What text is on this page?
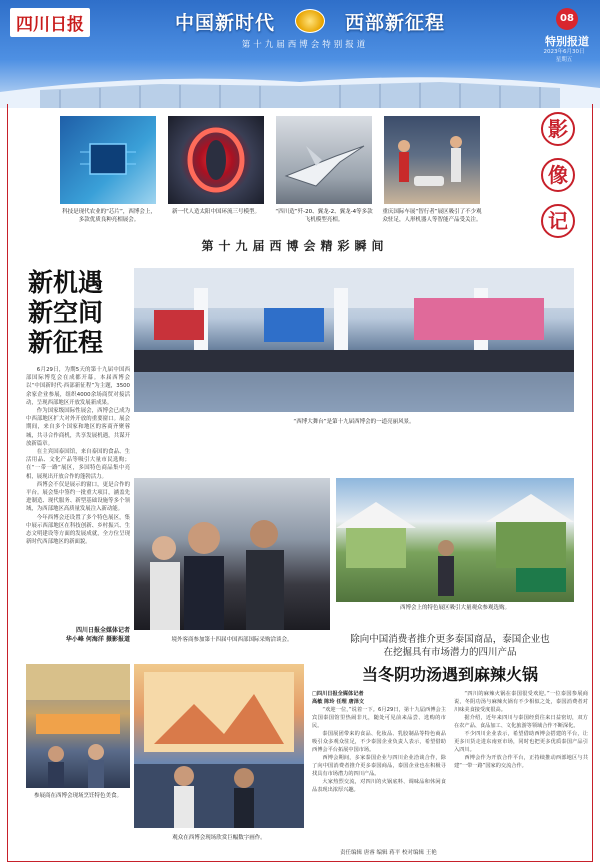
四川日报	中国新时代	西部新征程
第十九届西博会特别报道
08
特别报道
2023年6月30日
星期五
科技是现代农业的“芯片”，西博会上，多款优质良种亮相展会。
新一代人造太阳中国环流三号模型。	“四川造”歼-20、翼龙-2、翼龙-4等多款飞机模型亮相。
重庆国际车展“智行者”展区吸引了不少观众驻足，人形机器人等智能产品受关注。
影
像
记
第十九届西博会精彩瞬间
新机遇
新空间
新征程

6月29日，为期5天的第十九届中国西部国际博览会在成都开幕。本届西博会以“中国新时代·西部新征程”为主题，3500余家企业参展，组织4000余场商贸对接活动，呈现西部地区开放发展新成果。

作为国家级国际性展会，西博会已成为中西部地区扩大对外开放的重要窗口。展会期间，来自多个国家和地区的客商齐聚蓉城，共寻合作商机，共享发展机遇，共谋开放新篇章。

在主宾国泰国馆，来自泰国的食品、生活用品、文化产品等吸引大量市民选购；在“一带一路”展区，多国特色商品集中亮相，展现出开放合作的蓬勃活力。

西博会不仅是展示的窗口，更是合作的平台。展会集中签约一批重大项目，涵盖先进制造、现代服务、新型基础设施等多个领域，为西部地区高质量发展注入新动能。

今年西博会还设置了多个特色展区，集中展示西部地区在科技创新、乡村振兴、生态文明建设等方面的发展成就，全方位呈现新时代西部地区的新面貌。

四川日报全媒体记者
华小峰 何海洋 摄影报道
“西博大舞台”是第十九届西博会的一道亮丽风景。
境外客商参加第十四届中国西部国际采购洽谈会。
西博会上的特色展区吸引大量观众参观选购。
除向中国消费者推介更多泰国商品，泰国企业也
在挖掘具有市场潜力的四川产品
当冬阴功汤遇到麻辣火锅
参展商在西博会现场烹饪特色美食。
观众在西博会现场欣赏巨幅数字画作。

□四川日报全媒体记者

高敏 陈玲 任理 唐泽文

“欢迎一位，”说着一下。6月29日，第十九届西博会主宾国泰国馆里热闹非凡，随处可见前来品尝、选购的市民。

泰国展团带来的食品、化妆品、乳胶制品等特色商品吸引众多观众驻足，不少泰国企业负责人表示，希望借助西博会平台拓展中国市场。

西博会期间，多家泰国企业与四川企业洽谈合作，除了向中国消费者推介更多泰国商品，泰国企业也在积极寻找具有市场潜力的四川产品。

大家热烈交流，对四川的火锅底料、调味品和休闲食品表现出浓厚兴趣。

“四川的麻辣火锅在泰国很受欢迎。”一位泰国参展商说，冬阴功汤与麻辣火锅有不少相似之处，泰国消费者对川味美食接受度很高。

据介绍，近年来四川与泰国经贸往来日益密切，双方在农产品、食品加工、文化旅游等领域合作不断深化。

不少四川企业表示，希望借助西博会搭建的平台，让更多川货走进东南亚市场，同时也把更多优质泰国产品引入四川。

西博会作为开放合作平台，正持续推动西部地区与共建“一带一路”国家的交流合作。

责任编辑 唐睿 编辑 蒋平 校对编辑 王艳
